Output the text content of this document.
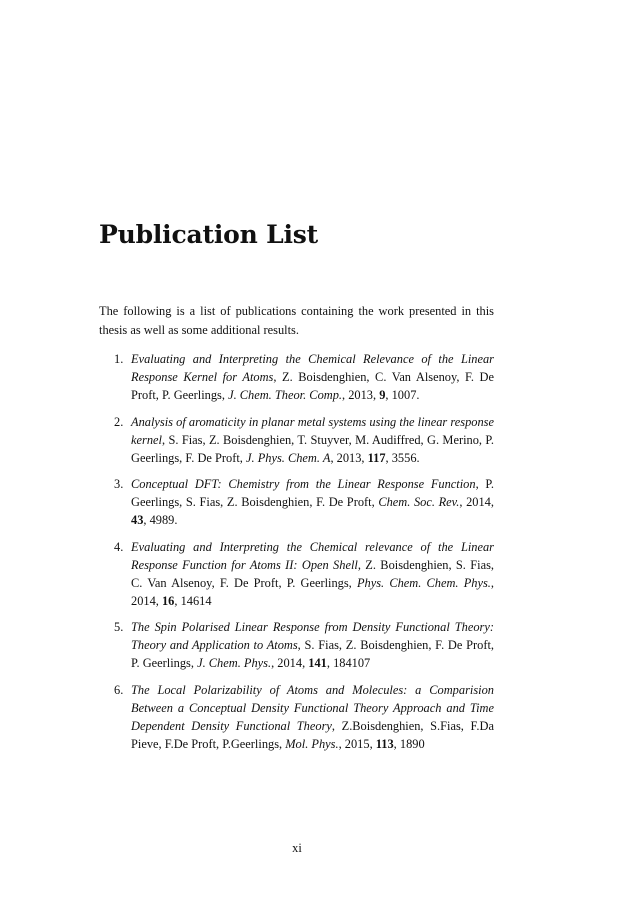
Publication List

The following is a list of publications containing the work presented in this thesis as well as some additional results.

1. Evaluating and Interpreting the Chemical Relevance of the Linear Response Kernel for Atoms, Z. Boisdenghien, C. Van Alsenoy, F. De Proft, P. Geerlings, J. Chem. Theor. Comp., 2013, 9, 1007.
2. Analysis of aromaticity in planar metal systems using the linear response kernel, S. Fias, Z. Boisdenghien, T. Stuyver, M. Audiffred, G. Merino, P. Geerlings, F. De Proft, J. Phys. Chem. A, 2013, 117, 3556.
3. Conceptual DFT: Chemistry from the Linear Response Function, P. Geerlings, S. Fias, Z. Boisdenghien, F. De Proft, Chem. Soc. Rev., 2014, 43, 4989.
4. Evaluating and Interpreting the Chemical relevance of the Linear Response Function for Atoms II: Open Shell, Z. Boisdenghien, S. Fias, C. Van Alsenoy, F. De Proft, P. Geerlings, Phys. Chem. Chem. Phys., 2014, 16, 14614
5. The Spin Polarised Linear Response from Density Functional Theory: Theory and Application to Atoms, S. Fias, Z. Boisdenghien, F. De Proft, P. Geerlings, J. Chem. Phys., 2014, 141, 184107
6. The Local Polarizability of Atoms and Molecules: a Comparision Between a Conceptual Density Functional Theory Approach and Time Dependent Density Functional Theory, Z.Boisdenghien, S.Fias, F.Da Pieve, F.De Proft, P.Geerlings, Mol. Phys., 2015, 113, 1890
xi
